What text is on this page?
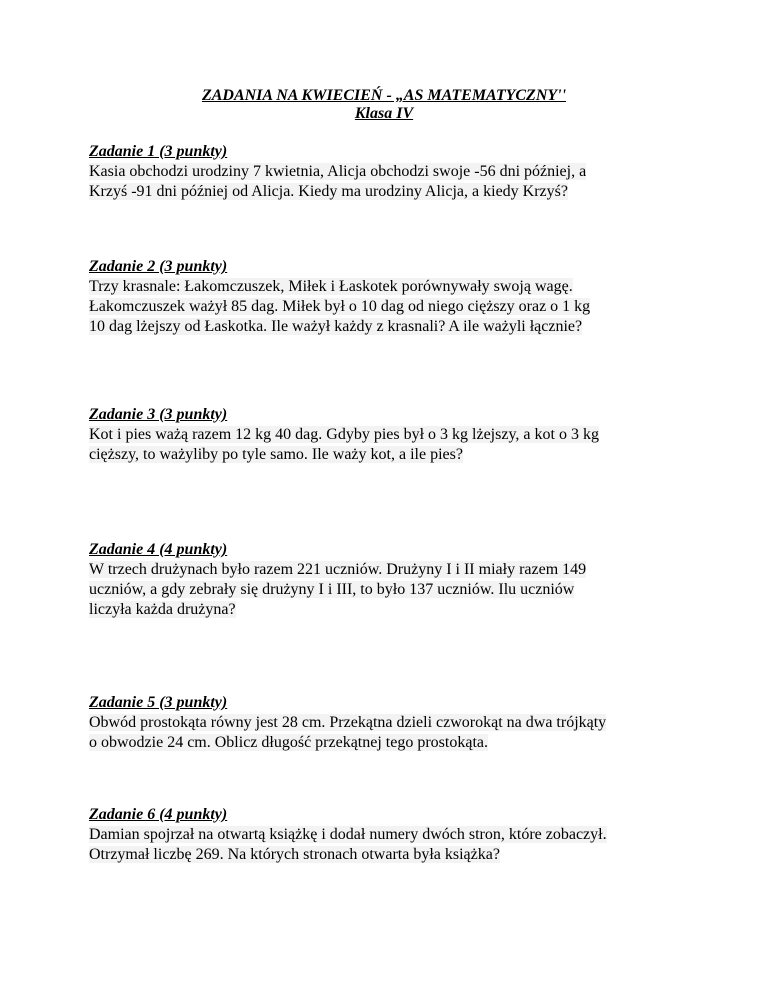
ZADANIA NA KWIECIEŃ - „AS MATEMATYCZNY''
Klasa IV
Zadanie 1 (3 punkty)
Kasia obchodzi urodziny 7 kwietnia, Alicja obchodzi swoje -56 dni później, a
Krzyś -91 dni później od Alicja. Kiedy ma urodziny Alicja, a kiedy Krzyś?
Zadanie 2 (3 punkty)
Trzy krasnale: Łakomczuszek, Miłek i Łaskotek porównywały swoją wagę.
Łakomczuszek ważył 85 dag. Miłek był o 10 dag od niego cięższy oraz o 1 kg
10 dag lżejszy od Łaskotka. Ile ważył każdy z krasnali? A ile ważyli łącznie?
Zadanie 3 (3 punkty)
Kot i pies ważą razem 12 kg 40 dag. Gdyby pies był o 3 kg lżejszy, a kot o 3 kg
cięższy, to ważyliby po tyle samo. Ile waży kot, a ile pies?
Zadanie 4 (4 punkty)
W trzech drużynach było razem 221 uczniów. Drużyny I i II miały razem 149
uczniów, a gdy zebrały się drużyny I i III, to było 137 uczniów. Ilu uczniów
liczyła każda drużyna?
Zadanie 5 (3 punkty)
Obwód prostokąta równy jest 28 cm. Przekątna dzieli czworokąt na dwa trójkąty
o obwodzie 24 cm. Oblicz długość przekątnej tego prostokąta.
Zadanie 6 (4 punkty)
Damian spojrzał na otwartą książkę i dodał numery dwóch stron, które zobaczył.
Otrzymał liczbę 269. Na których stronach otwarta była książka?
